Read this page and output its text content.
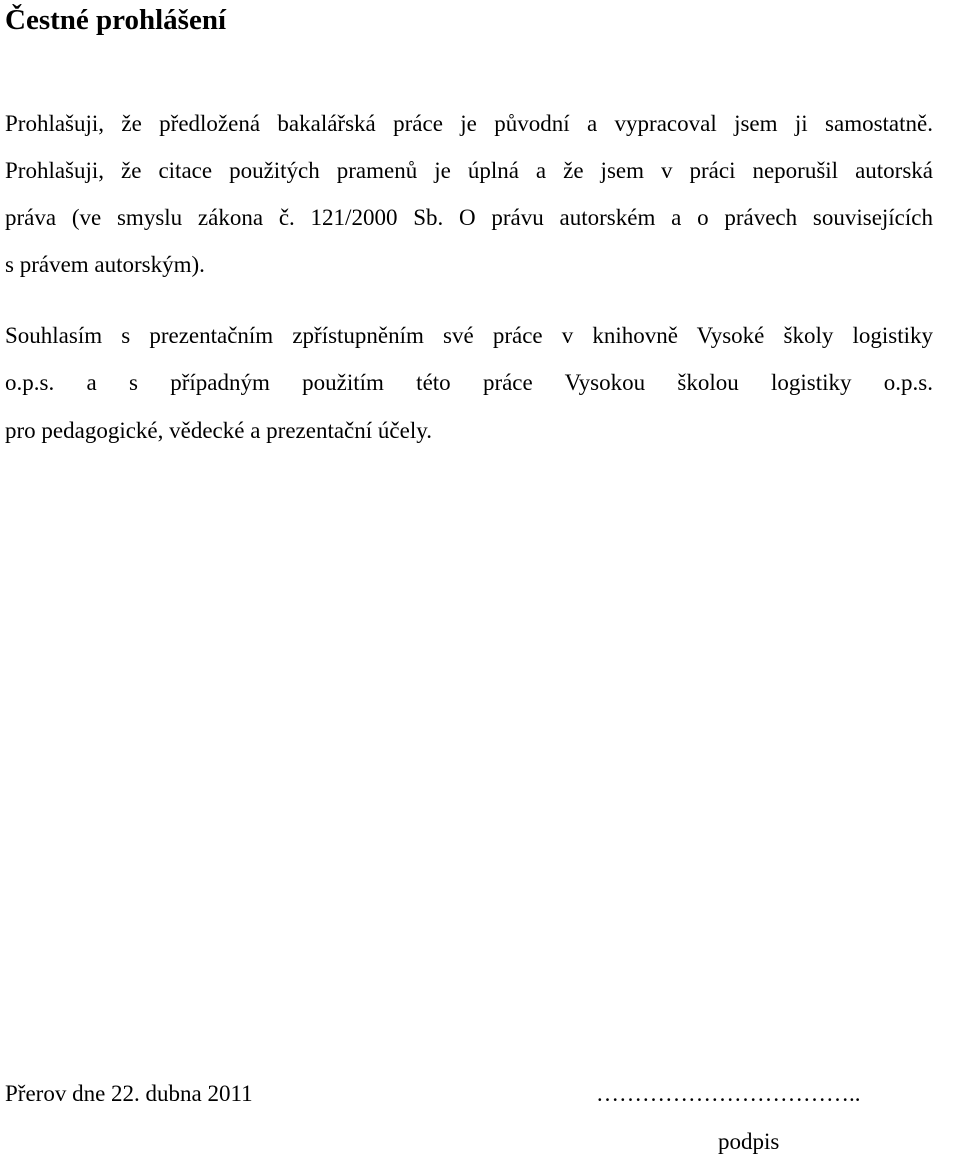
Čestné prohlášení

Prohlašuji, že předložená bakalářská práce je původní a vypracoval jsem ji samostatně.

Prohlašuji, že citace použitých pramenů je úplná a že jsem v práci neporušil autorská

práva (ve smyslu zákona č. 121/2000 Sb. O právu autorském a o právech souvisejících

s právem autorským).

Souhlasím s prezentačním zpřístupněním své práce v knihovně Vysoké školy logistiky

o.p.s. a s případným použitím této práce Vysokou školou logistiky o.p.s.

pro pedagogické, vědecké a prezentační účely.

Přerov dne 22. dubna 2011	……………………………..

podpis
